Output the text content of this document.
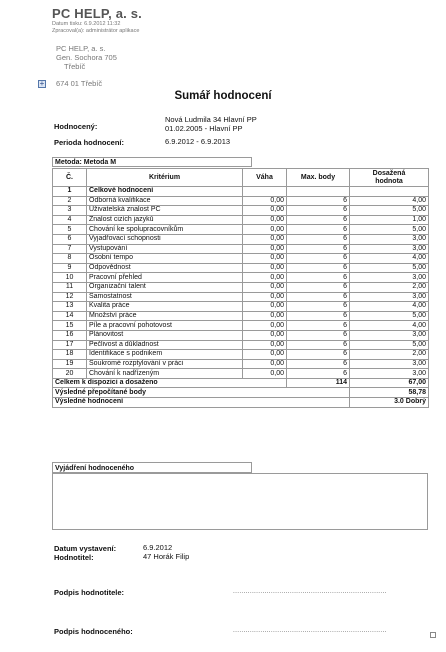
PC HELP, a. s.
Datum tisku: 6.9.2012 11:32
Zpracoval(a): administrátor aplikace
PC HELP, a. s.
Gen. Sochora 705
Třebíč
+ 674 01 Třebíč
Sumář hodnocení
Hodnocený:
Nová Ludmila 34 Hlavní PP
01.02.2005 - Hlavní PP
Perioda hodnocení:	6.9.2012 - 6.9.2013
Metoda: Metoda M
Č.	Kritérium	Váha	Max. body	Dosažená
hodnota
1	Celkové hodnocení			
2	Odborná kvalifikace	0,00	6	4,00
3	Uživatelská znalost PC	0,00	6	5,00
4	Znalost cizích jazyků	0,00	6	1,00
5	Chování ke spolupracovníkům	0,00	6	5,00
6	Vyjadřovací schopnosti	0,00	6	3,00
7	Vystupování	0,00	6	3,00
8	Osobní tempo	0,00	6	4,00
9	Odpovědnost	0,00	6	5,00
10	Pracovní přehled	0,00	6	3,00
11	Organizační talent	0,00	6	2,00
12	Samostatnost	0,00	6	3,00
13	Kvalita práce	0,00	6	4,00
14	Množství práce	0,00	6	5,00
15	Píle a pracovní pohotovost	0,00	6	4,00
16	Plánovitost	0,00	6	3,00
17	Pečlivost a důkladnost	0,00	6	5,00
18	Identifikace s podnikem	0,00	6	2,00
19	Soukromé rozptylování v práci	0,00	6	3,00
20	Chování k nadřízeným	0,00	6	3,00
Celkem k dispozici a dosaženo			114	67,00
Výsledné přepočítané body				58,78
Výsledné hodnocení				3.0 Dobrý
Vyjádření hodnoceného
Datum vystavení:	6.9.2012
Hodnotitel:	47 Horák Filip
Podpis hodnotitele:	.........................................................................
Podpis hodnoceného:	.........................................................................
